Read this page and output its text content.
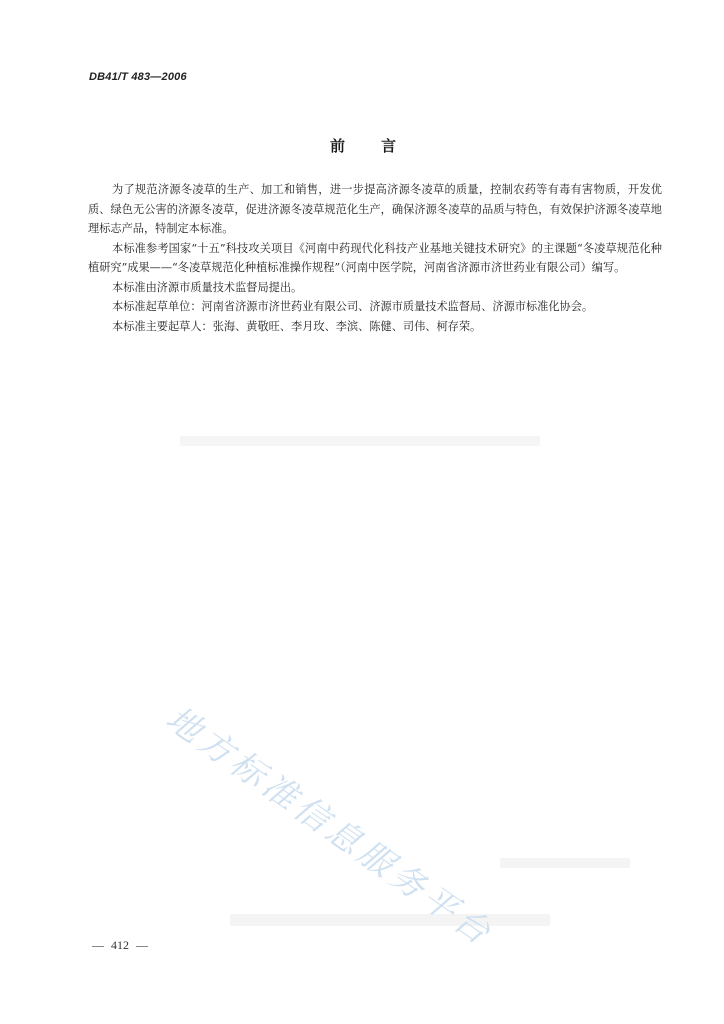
DB41/T 483—2006
前 言

为了规范济源冬凌草的生产、加工和销售，进一步提高济源冬凌草的质量，控制农药等有毒有害物质，开发优质、绿色无公害的济源冬凌草，促进济源冬凌草规范化生产，确保济源冬凌草的品质与特色，有效保护济源冬凌草地理标志产品，特制定本标准。

本标准参考国家“十五”科技攻关项目《河南中药现代化科技产业基地关键技术研究》的主课题“冬凌草规范化种植研究”成果——“冬凌草规范化种植标准操作规程”（河南中医学院，河南省济源市济世药业有限公司）编写。

本标准由济源市质量技术监督局提出。

本标准起草单位：河南省济源市济世药业有限公司、济源市质量技术监督局、济源市标准化协会。

本标准主要起草人：张海、黄敬旺、李月玫、李滨、陈健、司伟、柯存荣。

地方标准信息服务平台
— 412 —
